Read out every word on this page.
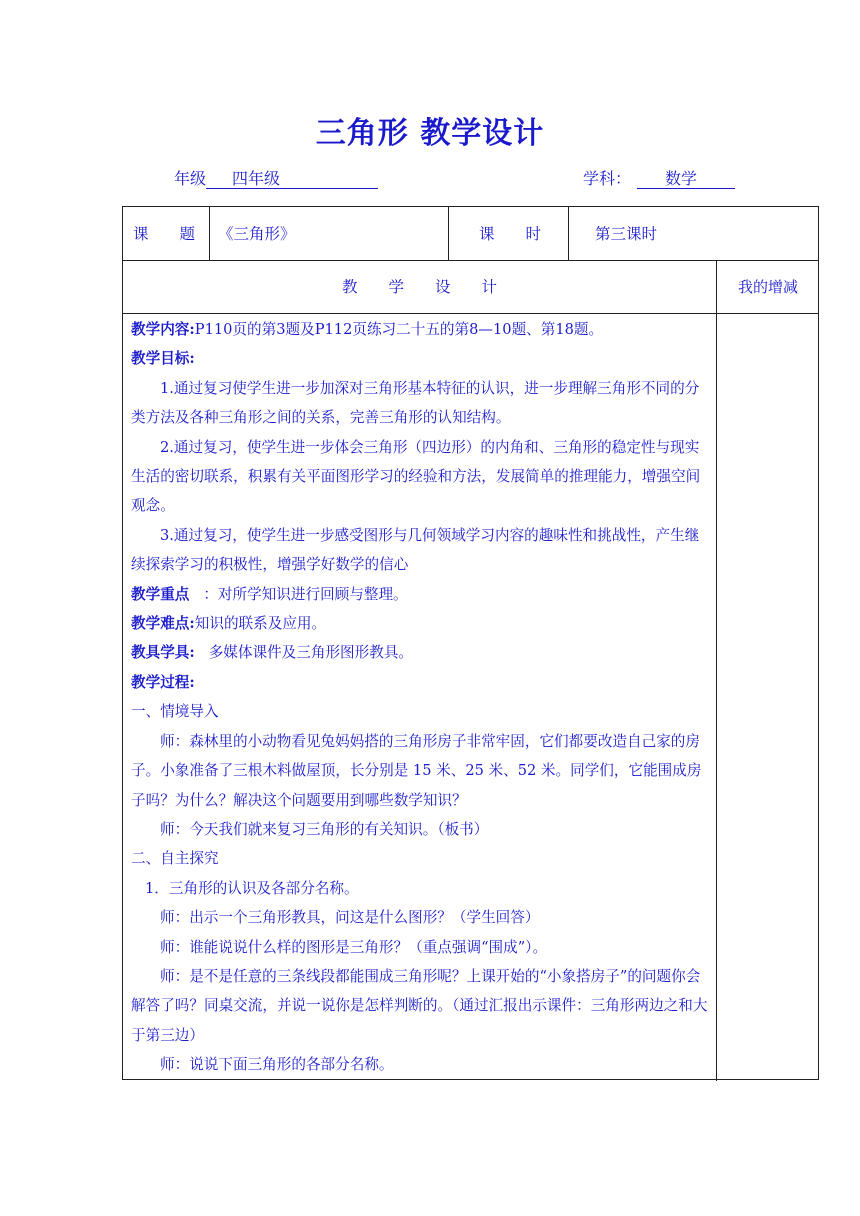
三角形 教学设计
年级 四年级	学科： 数学
课　　题 《三角形》	课　　时	第三课时
教　　学　　设　　计	我的增减

教学内容:P110页的第3题及P112页练习二十五的第8—10题、第18题。

教学目标:

1.通过复习使学生进一步加深对三角形基本特征的认识，进一步理解三角形不同的分类方法及各种三角形之间的关系，完善三角形的认知结构。

2.通过复习，使学生进一步体会三角形（四边形）的内角和、三角形的稳定性与现实生活的密切联系，积累有关平面图形学习的经验和方法，发展简单的推理能力，增强空间观念。

3.通过复习，使学生进一步感受图形与几何领域学习内容的趣味性和挑战性，产生继续探索学习的积极性，增强学好数学的信心

教学重点 ：对所学知识进行回顾与整理。

教学难点:知识的联系及应用。

教具学具: 多媒体课件及三角形图形教具。

教学过程:

一、情境导入

师：森林里的小动物看见兔妈妈搭的三角形房子非常牢固，它们都要改造自己家的房子。小象准备了三根木料做屋顶，长分别是 15 米、25 米、52 米。同学们，它能围成房子吗？为什么？解决这个问题要用到哪些数学知识？

师：今天我们就来复习三角形的有关知识。（板书）

二、自主探究

1．三角形的认识及各部分名称。

师：出示一个三角形教具，问这是什么图形？（学生回答）

师：谁能说说什么样的图形是三角形？（重点强调“围成”）。

师：是不是任意的三条线段都能围成三角形呢？上课开始的“小象搭房子”的问题你会解答了吗？同桌交流，并说一说你是怎样判断的。（通过汇报出示课件：三角形两边之和大于第三边）

师：说说下面三角形的各部分名称。
